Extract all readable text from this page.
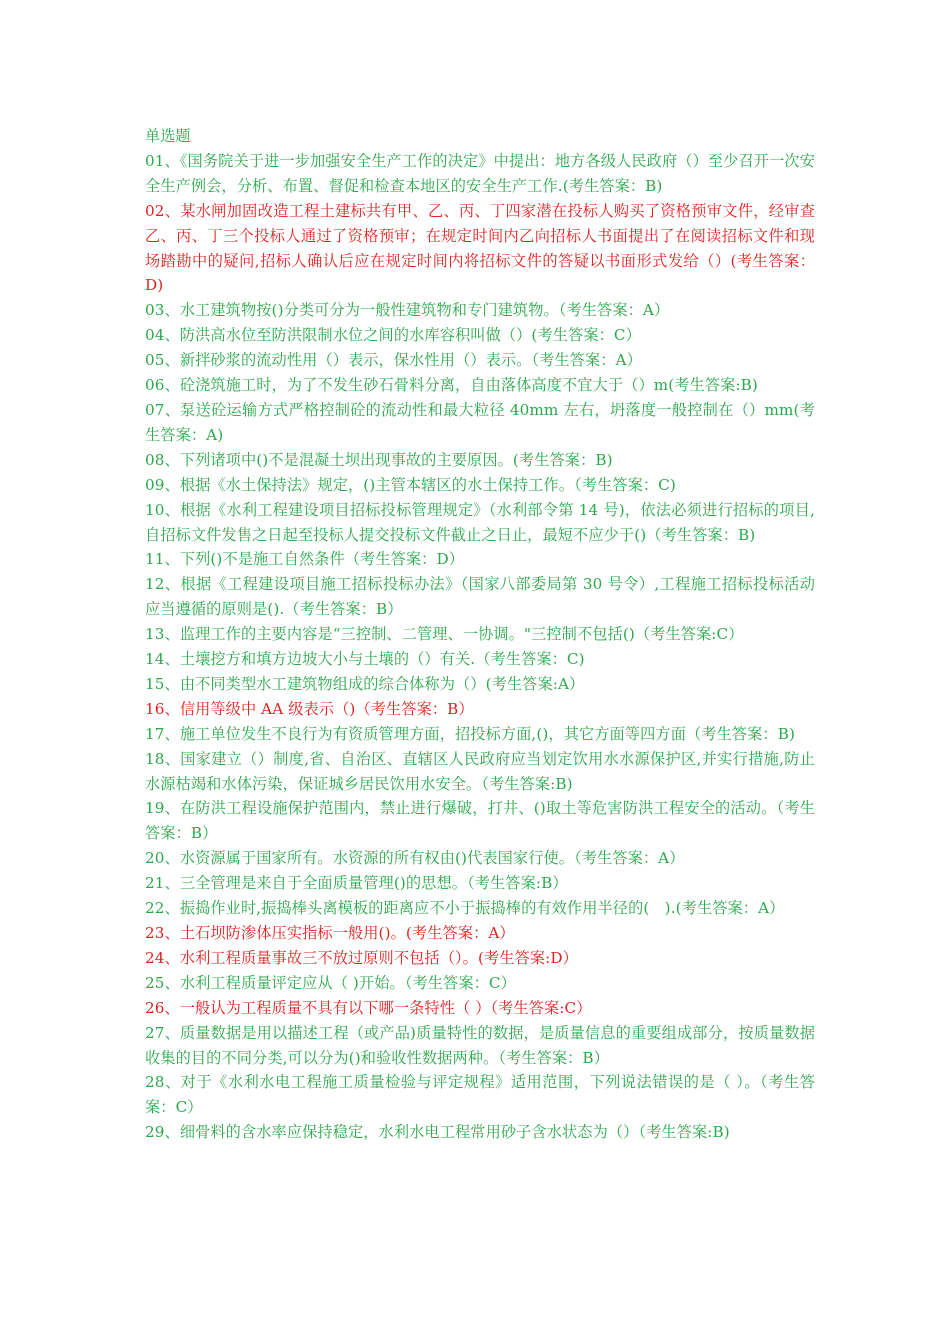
单选题

01、《国务院关于进一步加强安全生产工作的决定》中提出：地方各级人民政府（）至少召开一次安全生产例会，分析、布置、督促和检查本地区的安全生产工作.(考生答案：B)

02、某水闸加固改造工程土建标共有甲、乙、丙、丁四家潜在投标人购买了资格预审文件，经审查乙、丙、丁三个投标人通过了资格预审；在规定时间内乙向招标人书面提出了在阅读招标文件和现场踏勘中的疑问,招标人确认后应在规定时间内将招标文件的答疑以书面形式发给（）(考生答案：D)

03、水工建筑物按()分类可分为一般性建筑物和专门建筑物。（考生答案：A）

04、防洪高水位至防洪限制水位之间的水库容积叫做（）(考生答案：C）

05、新拌砂浆的流动性用（）表示，保水性用（）表示。（考生答案：A）

06、砼浇筑施工时，为了不发生砂石骨料分离，自由落体高度不宜大于（）m(考生答案:B)

07、泵送砼运输方式严格控制砼的流动性和最大粒径 40mm 左右，坍落度一般控制在（）mm(考生答案：A)

08、下列诸项中()不是混凝土坝出现事故的主要原因。(考生答案：B)

09、根据《水土保持法》规定，()主管本辖区的水土保持工作。（考生答案：C)

10、根据《水利工程建设项目招标投标管理规定》（水利部令第 14 号)，依法必须进行招标的项目,自招标文件发售之日起至投标人提交投标文件截止之日止，最短不应少于()（考生答案：B)

11、下列()不是施工自然条件（考生答案：D）

12、根据《工程建设项目施工招标投标办法》（国家八部委局第 30 号令）,工程施工招标投标活动应当遵循的原则是().（考生答案：B）

13、监理工作的主要内容是“三控制、二管理、一协调。"三控制不包括()（考生答案:C）

14、土壤挖方和填方边坡大小与土壤的（）有关.（考生答案：C)

15、由不同类型水工建筑物组成的综合体称为（）(考生答案:A）

16、信用等级中 AA 级表示（)（考生答案：B）

17、施工单位发生不良行为有资质管理方面，招投标方面,()，其它方面等四方面（考生答案：B)

18、国家建立（）制度,省、自治区、直辖区人民政府应当划定饮用水水源保护区,并实行措施,防止水源枯竭和水体污染，保证城乡居民饮用水安全。（考生答案:B)

19、在防洪工程设施保护范围内，禁止进行爆破，打井、()取土等危害防洪工程安全的活动。（考生答案：B）

20、水资源属于国家所有。水资源的所有权由()代表国家行使。（考生答案：A）

21、三全管理是来自于全面质量管理()的思想。（考生答案:B）

22、振捣作业时,振捣棒头离模板的距离应不小于振捣棒的有效作用半径的(　).(考生答案：A）

23、土石坝防渗体压实指标一般用()。(考生答案：A）

24、水利工程质量事故三不放过原则不包括（）。(考生答案:D）

25、水利工程质量评定应从（ )开始。（考生答案：C）

26、一般认为工程质量不具有以下哪一条特性（ ）（考生答案:C）

27、质量数据是用以描述工程（或产品)质量特性的数据，是质量信息的重要组成部分，按质量数据收集的目的不同分类,可以分为()和验收性数据两种。（考生答案：B）

28、对于《水利水电工程施工质量检验与评定规程》适用范围，下列说法错误的是（ ）。（考生答案：C）

29、细骨料的含水率应保持稳定，水利水电工程常用砂子含水状态为（）（考生答案:B)
